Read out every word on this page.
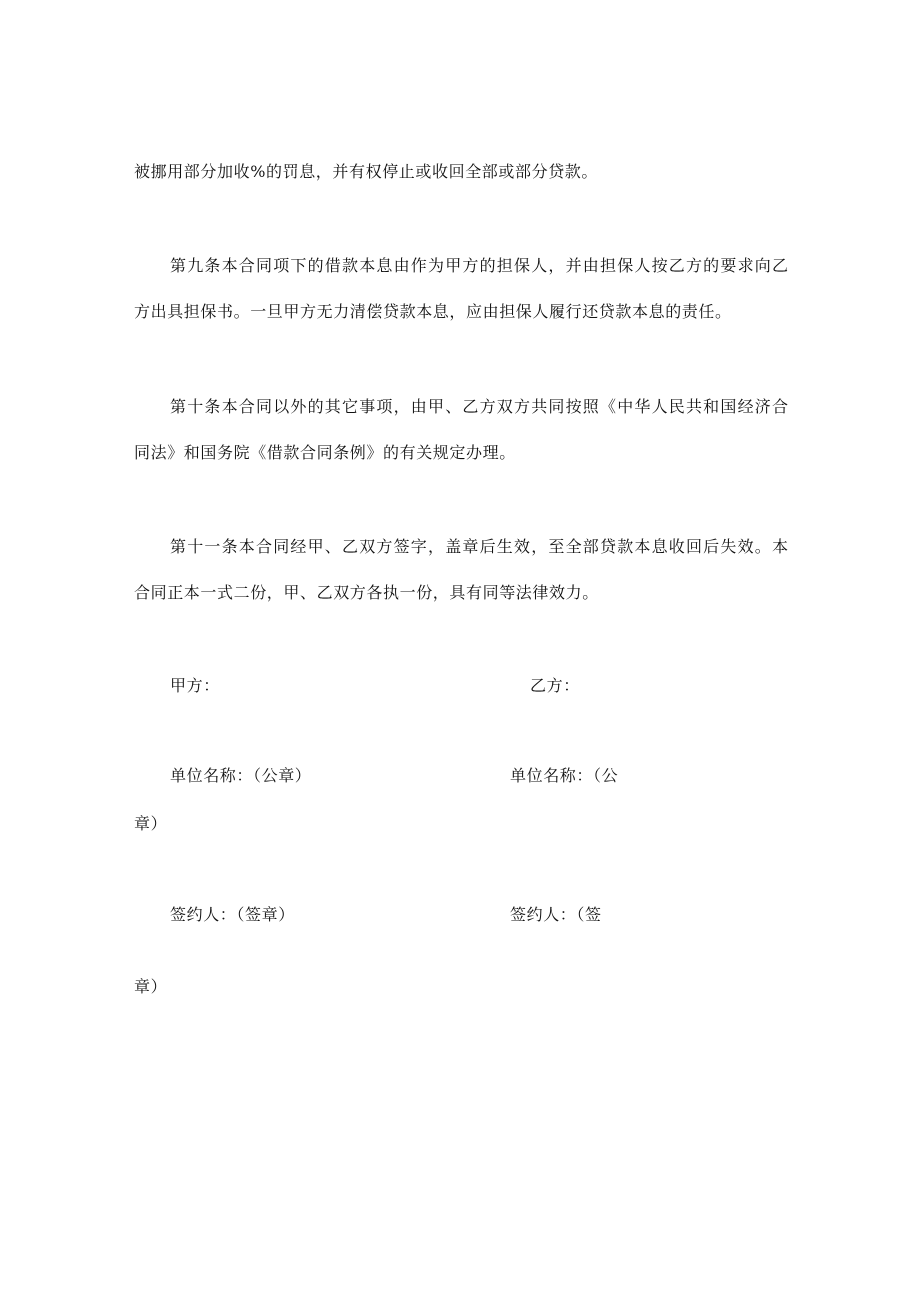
被挪用部分加收%的罚息，并有权停止或收回全部或部分贷款。
第九条本合同项下的借款本息由作为甲方的担保人，并由担保人按乙方的要求向乙
方出具担保书。一旦甲方无力清偿贷款本息，应由担保人履行还贷款本息的责任。
第十条本合同以外的其它事项，由甲、乙方双方共同按照《中华人民共和国经济合
同法》和国务院《借款合同条例》的有关规定办理。
第十一条本合同经甲、乙双方签字，盖章后生效，至全部贷款本息收回后失效。本
合同正本一式二份，甲、乙双方各执一份，具有同等法律效力。
甲方：	乙方：
单位名称：（公章）	单位名称：（公
章）
签约人：（签章）	签约人：（签
章）
